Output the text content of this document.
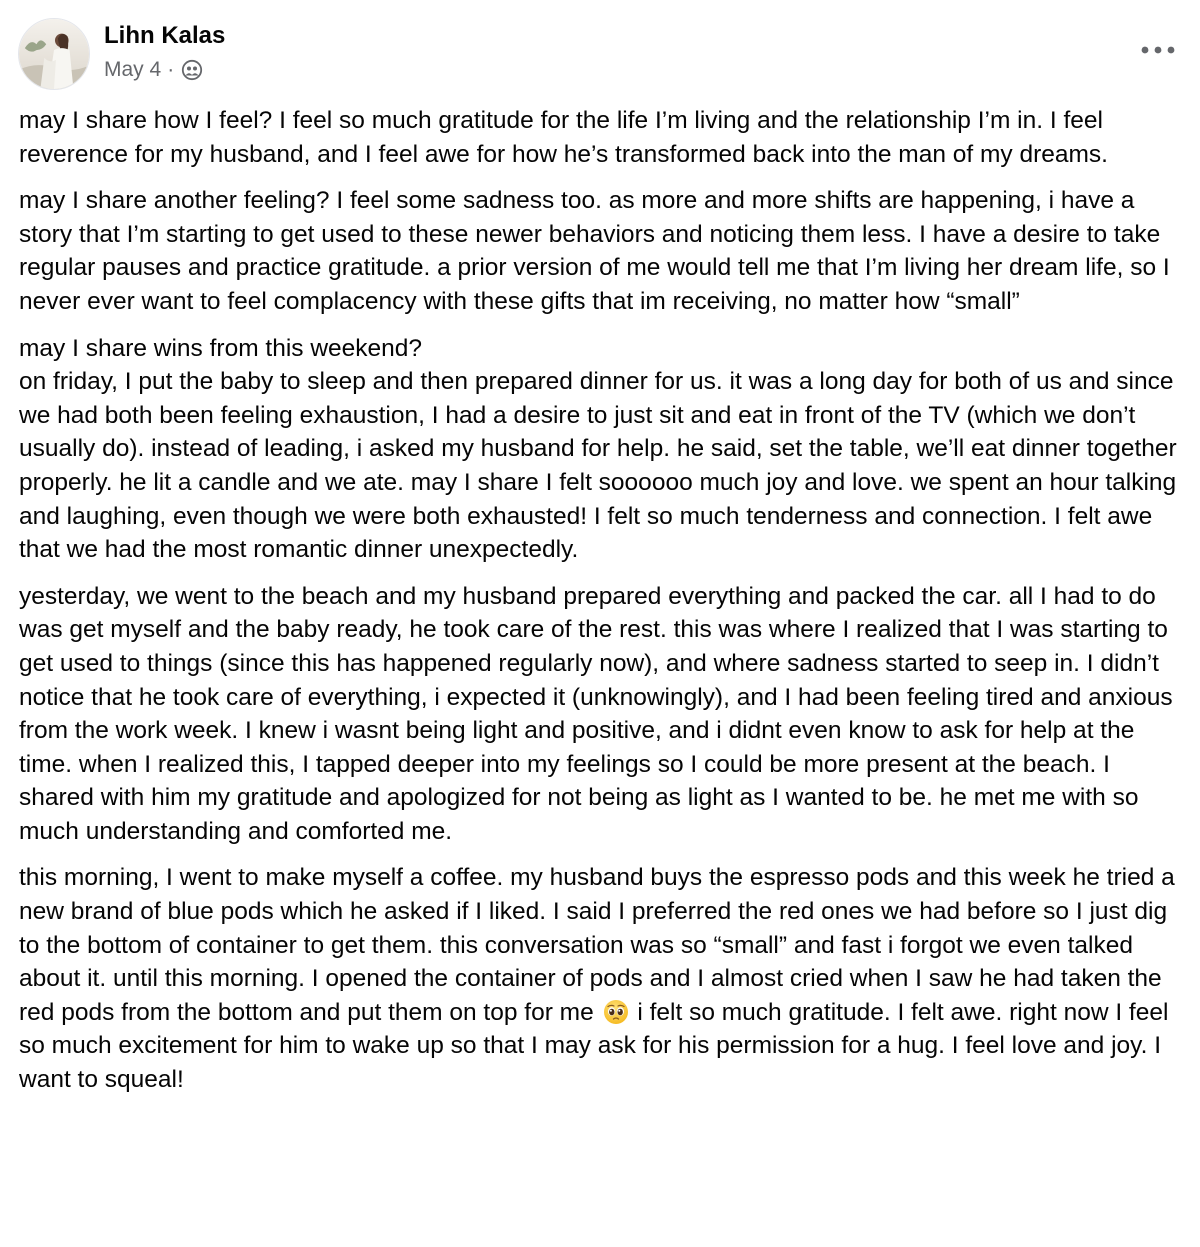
Lihn Kalas
May 4 ·

may I share how I feel? I feel so much gratitude for the life I’m living and the relationship I’m in. I feel reverence for my husband, and I feel awe for how he’s transformed back into the man of my dreams.

may I share another feeling? I feel some sadness too. as more and more shifts are happening, i have a story that I’m starting to get used to these newer behaviors and noticing them less. I have a desire to take regular pauses and practice gratitude. a prior version of me would tell me that I’m living her dream life, so I never ever want to feel complacency with these gifts that im receiving, no matter how “small”

may I share wins from this weekend?
on friday, I put the baby to sleep and then prepared dinner for us. it was a long day for both of us and since we had both been feeling exhaustion, I had a desire to just sit and eat in front of the TV (which we don’t usually do). instead of leading, i asked my husband for help. he said, set the table, we’ll eat dinner together properly. he lit a candle and we ate. may I share I felt soooooo much joy and love. we spent an hour talking and laughing, even though we were both exhausted! I felt so much tenderness and connection. I felt awe that we had the most romantic dinner unexpectedly.

yesterday, we went to the beach and my husband prepared everything and packed the car. all I had to do was get myself and the baby ready, he took care of the rest. this was where I realized that I was starting to get used to things (since this has happened regularly now), and where sadness started to seep in. I didn’t notice that he took care of everything, i expected it (unknowingly), and I had been feeling tired and anxious from the work week. I knew i wasnt being light and positive, and i didnt even know to ask for help at the time. when I realized this, I tapped deeper into my feelings so I could be more present at the beach. I shared with him my gratitude and apologized for not being as light as I wanted to be. he met me with so much understanding and comforted me.

this morning, I went to make myself a coffee. my husband buys the espresso pods and this week he tried a new brand of blue pods which he asked if I liked. I said I preferred the red ones we had before so I just dig to the bottom of container to get them. this conversation was so “small” and fast i forgot we even talked about it. until this morning. I opened the container of pods and I almost cried when I saw he had taken the red pods from the bottom and put them on top for me i felt so much gratitude. I felt awe. right now I feel so much excitement for him to wake up so that I may ask for his permission for a hug. I feel love and joy. I want to squeal!
